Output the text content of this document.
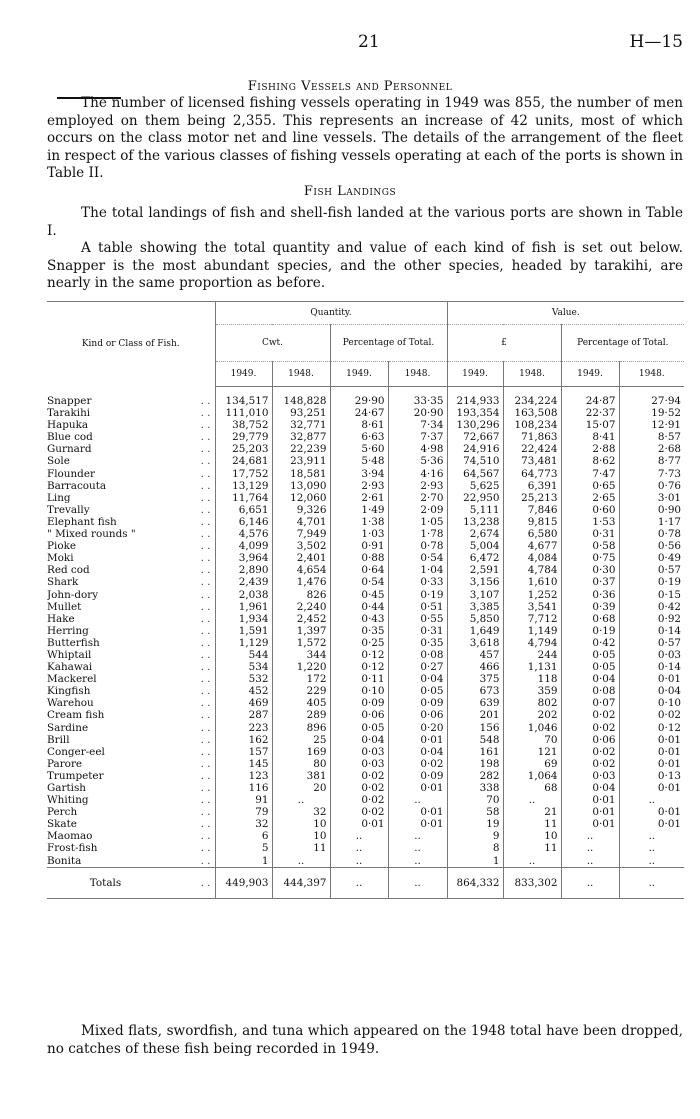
21	H—15
Fishing Vessels and Personnel

The number of licensed fishing vessels operating in 1949 was 855, the number of men employed on them being 2,355. This represents an increase of 42 units, most of which occurs on the class motor net and line vessels. The details of the arrangement of the fleet in respect of the various classes of fishing vessels operating at each of the ports is shown in Table II.

Fish Landings

The total landings of fish and shell-fish landed at the various ports are shown in Table I.

A table showing the total quantity and value of each kind of fish is set out below. Snapper is the most abundant species, and the other species, headed by tarakihi, are nearly in the same proportion as before.

Kind or Class of Fish.		Quantity.				Value.			
		Cwt.		Percentage of Total.		£		Percentage of Total.	
		1949.	1948.	1949.	1948.	1949.	1948.	1949.	1948.

Snapper	. .	134,517	148,828	29·90	33·35	214,933	234,224	24·87	27·94
Tarakihi	. .	111,010	93,251	24·67	20·90	193,354	163,508	22·37	19·52
Hapuka	. .	38,752	32,771	8·61	7·34	130,296	108,234	15·07	12·91
Blue cod	. .	29,779	32,877	6·63	7·37	72,667	71,863	8·41	8·57
Gurnard	. .	25,203	22,239	5·60	4·98	24,916	22,424	2·88	2·68
Sole	. .	24,681	23,911	5·48	5·36	74,510	73,481	8·62	8·77
Flounder	. .	17,752	18,581	3·94	4·16	64,567	64,773	7·47	7·73
Barracouta	. .	13,129	13,090	2·93	2·93	5,625	6,391	0·65	0·76
Ling	. .	11,764	12,060	2·61	2·70	22,950	25,213	2·65	3·01
Trevally	. .	6,651	9,326	1·49	2·09	5,111	7,846	0·60	0·90
Elephant fish	. .	6,146	4,701	1·38	1·05	13,238	9,815	1·53	1·17
" Mixed rounds "	. .	4,576	7,949	1·03	1·78	2,674	6,580	0·31	0·78
Pioke	. .	4,099	3,502	0·91	0·78	5,004	4,677	0·58	0·56
Moki	. .	3,964	2,401	0·88	0·54	6,472	4,084	0·75	0·49
Red cod	. .	2,890	4,654	0·64	1·04	2,591	4,784	0·30	0·57
Shark	. .	2,439	1,476	0·54	0·33	3,156	1,610	0·37	0·19
John-dory	. .	2,038	826	0·45	0·19	3,107	1,252	0·36	0·15
Mullet	. .	1,961	2,240	0·44	0·51	3,385	3,541	0·39	0·42
Hake	. .	1,934	2,452	0·43	0·55	5,850	7,712	0·68	0·92
Herring	. .	1,591	1,397	0·35	0·31	1,649	1,149	0·19	0·14
Butterfish	. .	1,129	1,572	0·25	0·35	3,618	4,794	0·42	0·57
Whiptail	. .	544	344	0·12	0·08	457	244	0·05	0·03
Kahawai	. .	534	1,220	0·12	0·27	466	1,131	0·05	0·14
Mackerel	. .	532	172	0·11	0·04	375	118	0·04	0·01
Kingfish	. .	452	229	0·10	0·05	673	359	0·08	0·04
Warehou	. .	469	405	0·09	0·09	639	802	0·07	0·10
Cream fish	. .	287	289	0·06	0·06	201	202	0·02	0·02
Sardine	. .	223	896	0·05	0·20	156	1,046	0·02	0·12
Brill	. .	162	25	0·04	0·01	548	70	0·06	0·01
Conger-eel	. .	157	169	0·03	0·04	161	121	0·02	0·01
Parore	. .	145	80	0·03	0·02	198	69	0·02	0·01
Trumpeter	. .	123	381	0·02	0·09	282	1,064	0·03	0·13
Gartish	. .	116	20	0·02	0·01	338	68	0·04	0·01
Whiting	. .	91	..	0·02	..	70	..	0·01	..
Perch	. .	79	32	0·02	0·01	58	21	0·01	0·01
Skate	. .	32	10	0·01	0·01	19	11	0·01	0·01
Maomao	. .	6	10	..	..	9	10	..	..
Frost-fish	. .	5	11	..	..	8	11	..	..
Bonita	. .	1	..	..	..	1	..	..	..
Totals	. .	449,903	444,397	..	..	864,332	833,302	..	..

Mixed flats, swordfish, and tuna which appeared on the 1948 total have been dropped, no catches of these fish being recorded in 1949.
